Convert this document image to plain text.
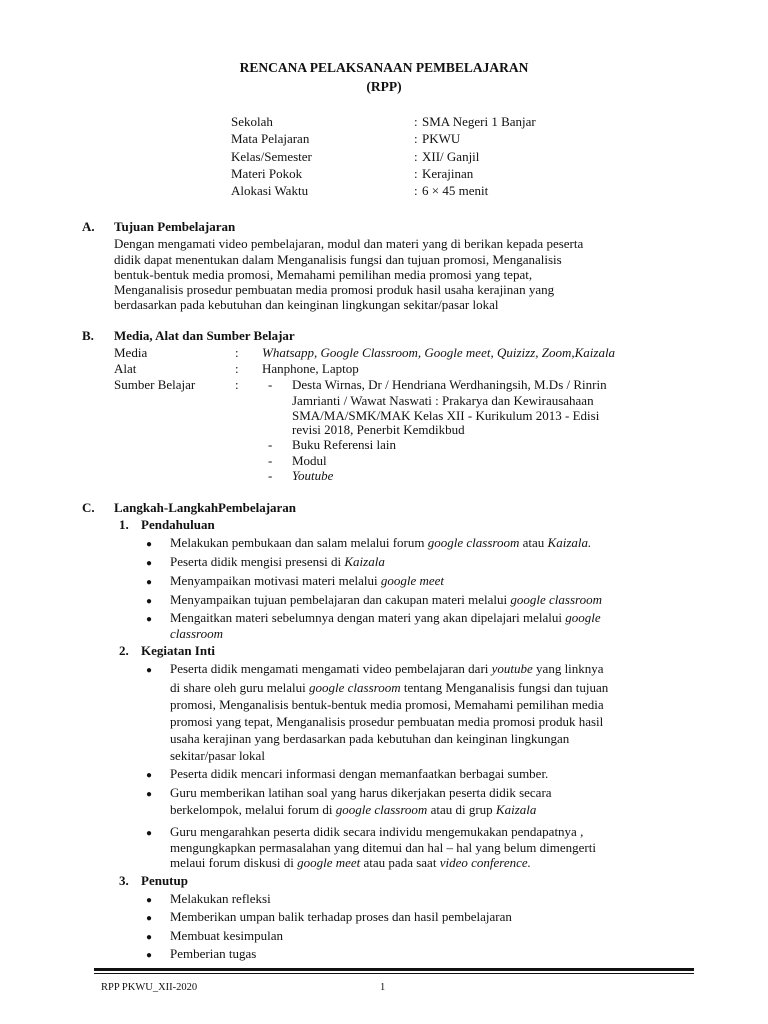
RENCANA PELAKSANAAN PEMBELAJARAN
(RPP)
Sekolah	: SMA Negeri 1 Banjar
Mata Pelajaran	: PKWU
Kelas/Semester	: XII/ Ganjil
Materi Pokok	: Kerajinan
Alokasi Waktu	: 6 × 45 menit
A. Tujuan Pembelajaran
Dengan mengamati video pembelajaran, modul dan materi yang di berikan kepada peserta
didik dapat menentukan dalam Menganalisis fungsi dan tujuan promosi, Menganalisis
bentuk-bentuk media promosi, Memahami pemilihan media promosi yang tepat,
Menganalisis prosedur pembuatan media promosi produk hasil usaha kerajinan yang
berdasarkan pada kebutuhan dan keinginan lingkungan sekitar/pasar lokal
B. Media, Alat dan Sumber Belajar
Media	: Whatsapp, Google Classroom, Google meet, Quizizz, Zoom,Kaizala
Alat	: Hanphone, Laptop
Sumber Belajar	: - Desta Wirnas, Dr / Hendriana Werdhaningsih, M.Ds / Rinrin
Jamrianti / Wawat Naswati : Prakarya dan Kewirausahaan
SMA/MA/SMK/MAK Kelas XII - Kurikulum 2013 - Edisi
revisi 2018, Penerbit Kemdikbud
- Buku Referensi lain
- Modul
- Youtube
C. Langkah-LangkahPembelajaran
1. Pendahuluan
● Melakukan pembukaan dan salam melalui forum google classroom atau Kaizala.
● Peserta didik mengisi presensi di Kaizala
● Menyampaikan motivasi materi melalui google meet
● Menyampaikan tujuan pembelajaran dan cakupan materi melalui google classroom
● Mengaitkan materi sebelumnya dengan materi yang akan dipelajari melalui google
classroom
2. Kegiatan Inti
● Peserta didik mengamati mengamati video pembelajaran dari youtube yang linknya
di share oleh guru melalui google classroom tentang Menganalisis fungsi dan tujuan
promosi, Menganalisis bentuk-bentuk media promosi, Memahami pemilihan media
promosi yang tepat, Menganalisis prosedur pembuatan media promosi produk hasil
usaha kerajinan yang berdasarkan pada kebutuhan dan keinginan lingkungan
sekitar/pasar lokal
● Peserta didik mencari informasi dengan memanfaatkan berbagai sumber.
● Guru memberikan latihan soal yang harus dikerjakan peserta didik secara
berkelompok, melalui forum di google classroom atau di grup Kaizala
● Guru mengarahkan peserta didik secara individu mengemukakan pendapatnya ,
mengungkapkan permasalahan yang ditemui dan hal – hal yang belum dimengerti
melaui forum diskusi di google meet atau pada saat video conference.
3. Penutup
● Melakukan refleksi
● Memberikan umpan balik terhadap proses dan hasil pembelajaran
● Membuat kesimpulan
● Pemberian tugas
RPP PKWU_XII-2020	1
